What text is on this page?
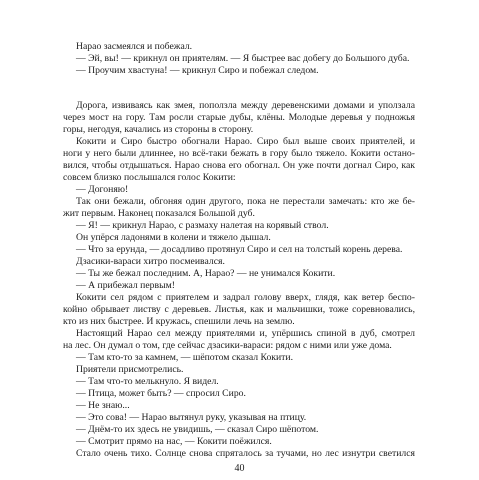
Нарао засмеялся и побежал.
— Эй, вы! — крикнул он приятелям. — Я быстрее вас добегу до Большого дуба.
— Проучим хвастуна! — крикнул Сиро и побежал следом.
Дорога, извиваясь как змея, поползла между деревенскими домами и уползала
через мост на гору. Там росли старые дубы, клёны. Молодые деревья у подножья
горы, негодуя, качались из стороны в сторону.
Кокити и Сиро быстро обогнали Нарао. Сиро был выше своих приятелей, и
ноги у него были длиннее, но всё-таки бежать в гору было тяжело. Кокити остано-
вился, чтобы отдышаться. Нарао снова его обогнал. Он уже почти догнал Сиро, как
совсем близко послышался голос Кокити:
— Догоняю!
Так они бежали, обгоняя один другого, пока не перестали замечать: кто же бе-
жит первым. Наконец показался Большой дуб.
— Я! — крикнул Нарао, с размаху налетая на корявый ствол.
Он упёрся ладонями в колени и тяжело дышал.
— Что за ерунда, — досадливо протянул Сиро и сел на толстый корень дерева.
Дзасики-вараси хитро посмеивался.
— Ты же бежал последним. А, Нарао? — не унимался Кокити.
— А прибежал первым!
Кокити сел рядом с приятелем и задрал голову вверх, глядя, как ветер беспо-
койно обрывает листву с деревьев. Листья, как и мальчишки, тоже соревновались,
кто из них быстрее. И кружась, спешили лечь на землю.
Настоящий Нарао сел между приятелями и, упёршись спиной в дуб, смотрел
на лес. Он думал о том, где сейчас дзасики-вараси: рядом с ними или уже дома.
— Там кто-то за камнем, — шёпотом сказал Кокити.
Приятели присмотрелись.
— Там что-то мелькнуло. Я видел.
— Птица, может быть? — спросил Сиро.
— Не знаю...
— Это сова! — Нарао вытянул руку, указывая на птицу.
— Днём-то их здесь не увидишь, — сказал Сиро шёпотом.
— Смотрит прямо на нас, — Кокити поёжился.
Стало очень тихо. Солнце снова спряталось за тучами, но лес изнутри светился
40
